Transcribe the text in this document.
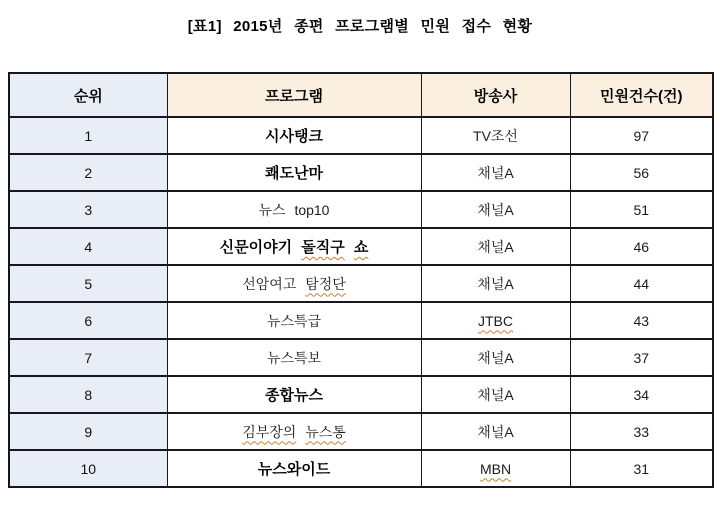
[표1] 2015년 종편 프로그램별 민원 접수 현황
순위	프로그램	방송사	민원건수(건)
1	시사탱크	TV조선	97
2	쾌도난마	채널A	56
3	뉴스 top10	채널A	51
4	신문이야기 돌직구 쇼	채널A	46
5	선암여고 탐정단	채널A	44
6	뉴스특급	JTBC	43
7	뉴스특보	채널A	37
8	종합뉴스	채널A	34
9	김부장의 뉴스통	채널A	33
10	뉴스와이드	MBN	31
